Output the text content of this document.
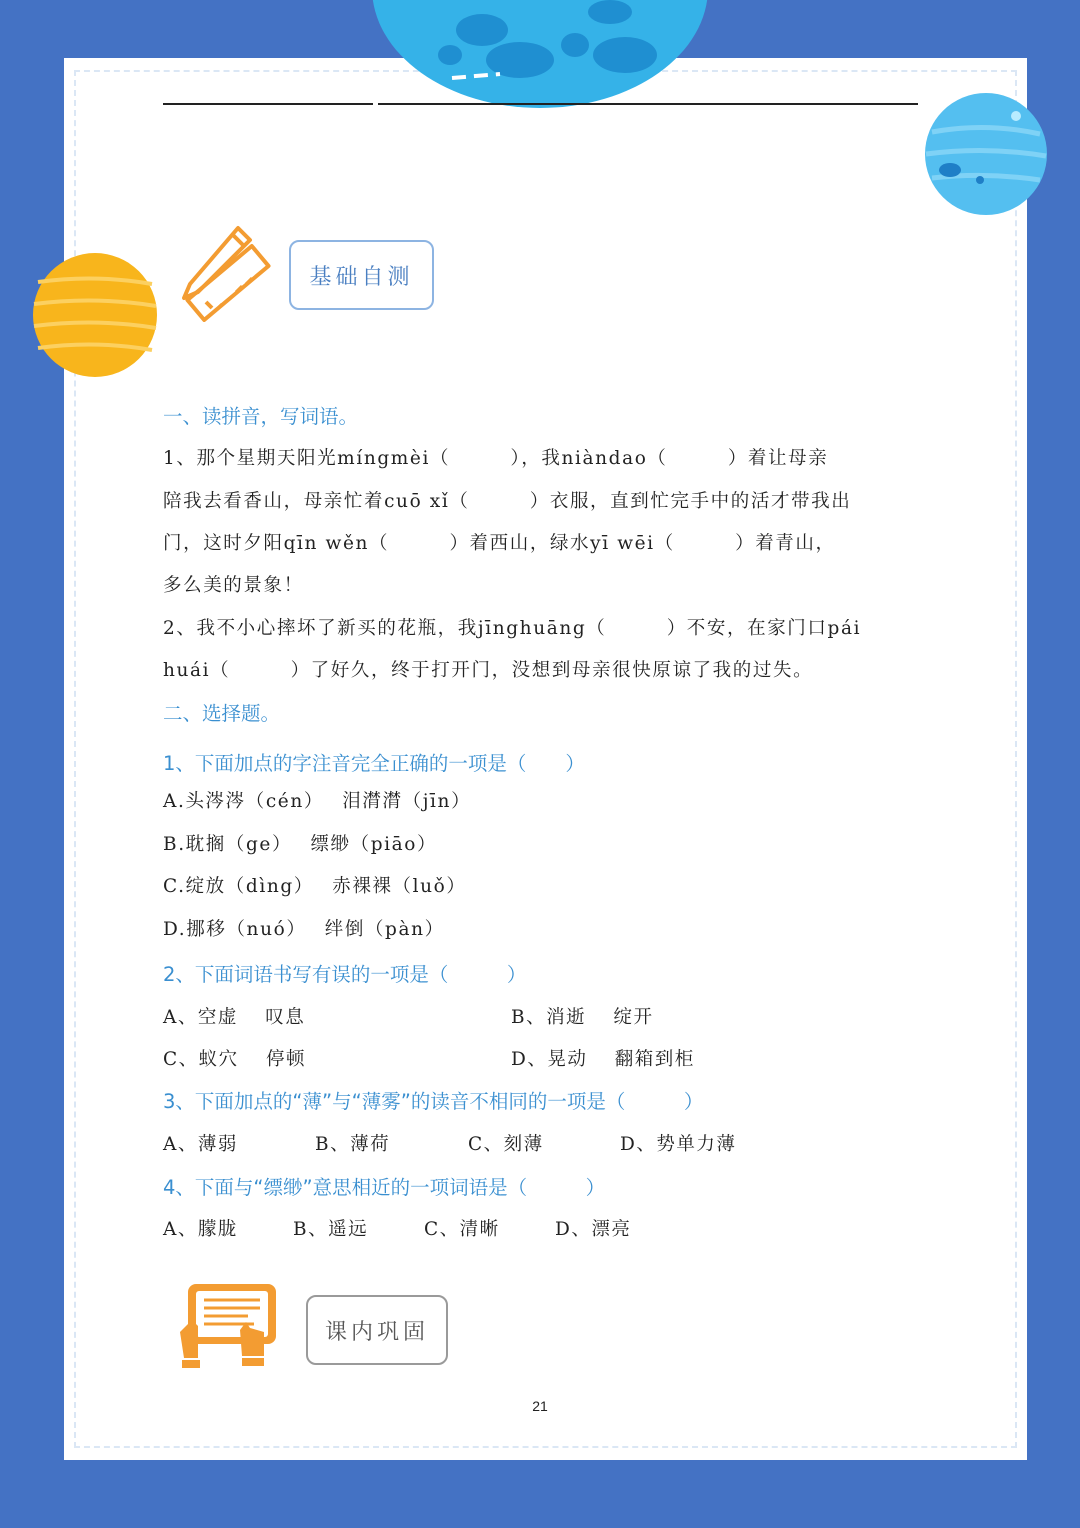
基础自测
一、读拼音，写词语。
1、那个星期天阳光míngmèi（　　　），我niàndao（　　　）着让母亲
陪我去看香山，母亲忙着cuō xǐ（　　　）衣服，直到忙完手中的活才带我出
门，这时夕阳qīn wěn（　　　）着西山，绿水yī wēi（　　　）着青山，
多么美的景象！
2、我不小心摔坏了新买的花瓶，我jīnghuāng（　　　）不安，在家门口pái
huái（　　　）了好久，终于打开门，没想到母亲很快原谅了我的过失。
二、选择题。
1、下面加点的字注音完全正确的一项是（　　）
A.头涔涔（cén）　 泪潸潸（jīn）
B.耽搁（ge）　 缥缈（piāo）
C.绽放（dìng）　 赤裸裸（luǒ）
D.挪移（nuó）　 绊倒（pàn）
2、下面词语书写有误的一项是（　　　）
A、空虚　 叹息	B、消逝　 绽开
C、蚁穴　 停顿	D、晃动　 翻箱到柜
3、下面加点的“薄”与“薄雾”的读音不相同的一项是（　　　）
A、薄弱	B、薄荷	C、刻薄	D、势单力薄
4、下面与“缥缈”意思相近的一项词语是（　　　）
A、朦胧	B、遥远	C、清晰	D、漂亮
课内巩固
21
